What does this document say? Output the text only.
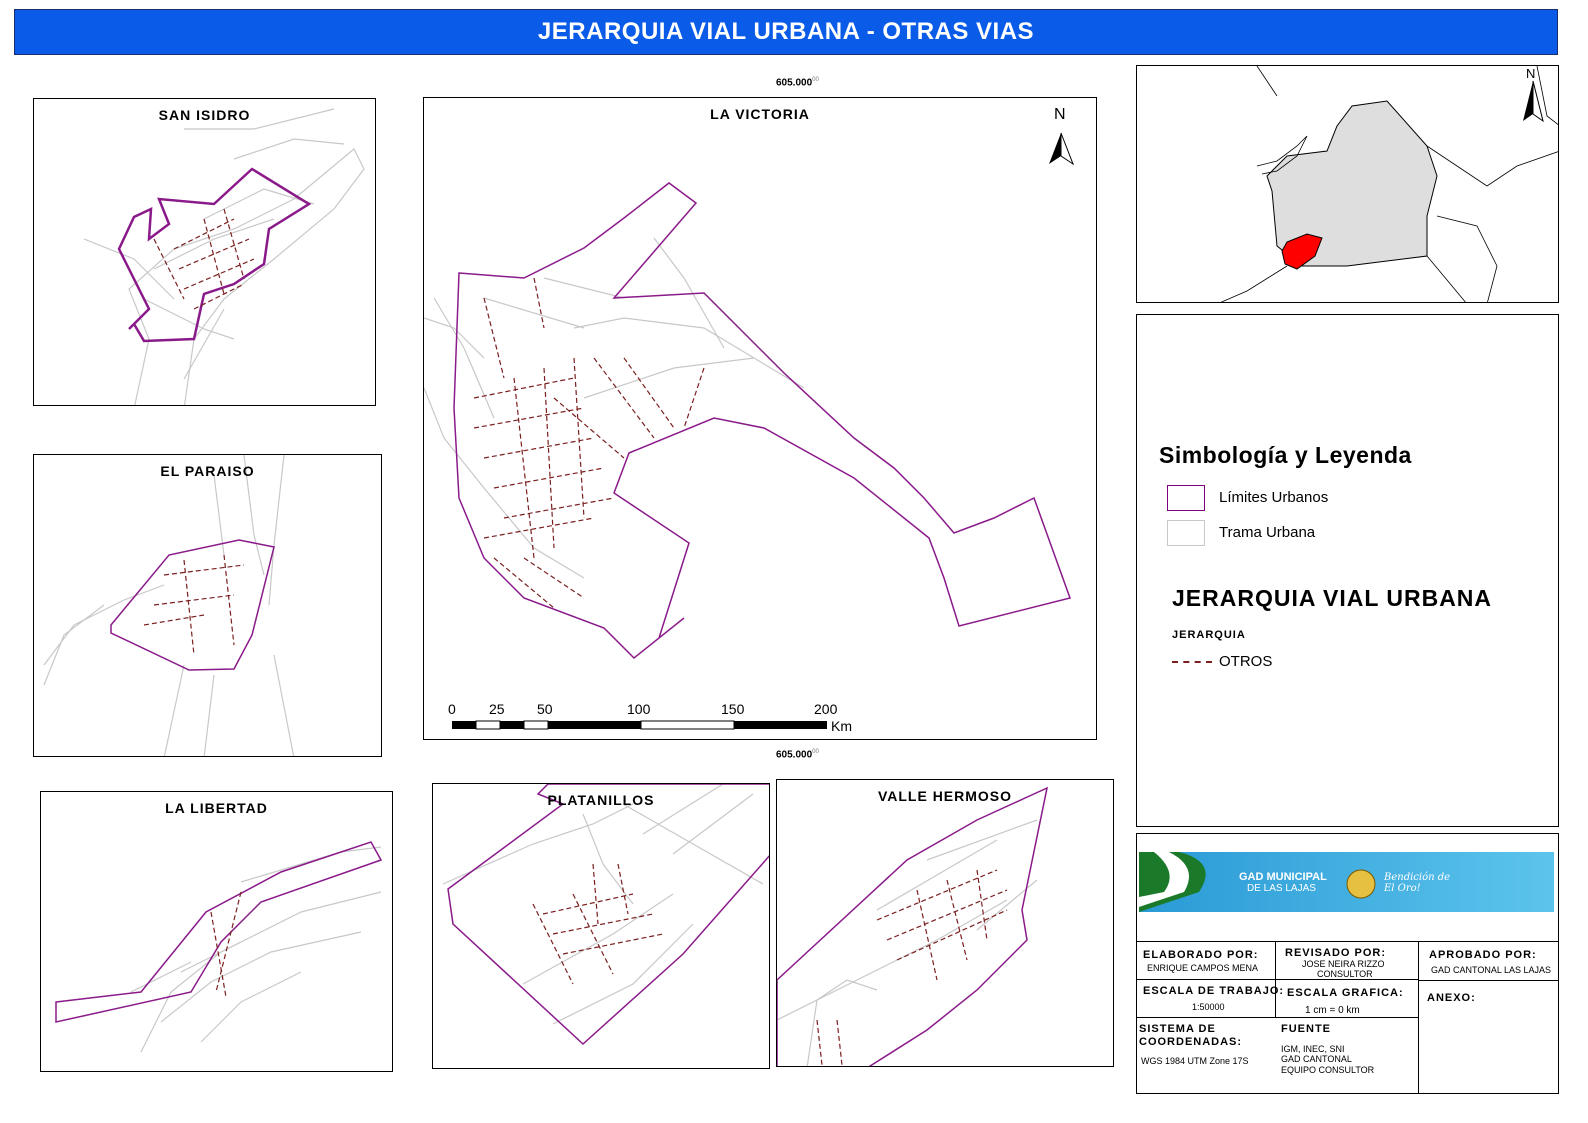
JERARQUIA VIAL URBANA - OTRAS VIAS
SAN ISIDRO
EL PARAISO
LA LIBERTAD
605.000$^{00}$
N
LA VICTORIA
0 25 50	100	150	200
Km
605.000$^{00}$
PLATANILLOS	VALLE HERMOSO
N
Simbología y Leyenda
Límites Urbanos
Trama Urbana
JERARQUIA VIAL URBANA
JERARQUIA
OTROS
GAD MUNICIPAL
DE LAS LAJAS
Bendición de El Oro!
ELABORADO POR:
ENRIQUE CAMPOS MENA
REVISADO POR:
JOSE NEIRA RIZZO
CONSULTOR
APROBADO POR:
GAD CANTONAL LAS LAJAS
ESCALA DE TRABAJO:
1:50000
ESCALA GRAFICA:
1 cm = 0 km
ANEXO:
SISTEMA DE
COORDENADAS:
WGS 1984 UTM Zone 17S
FUENTE
IGM, INEC, SNI
GAD CANTONAL
EQUIPO CONSULTOR
